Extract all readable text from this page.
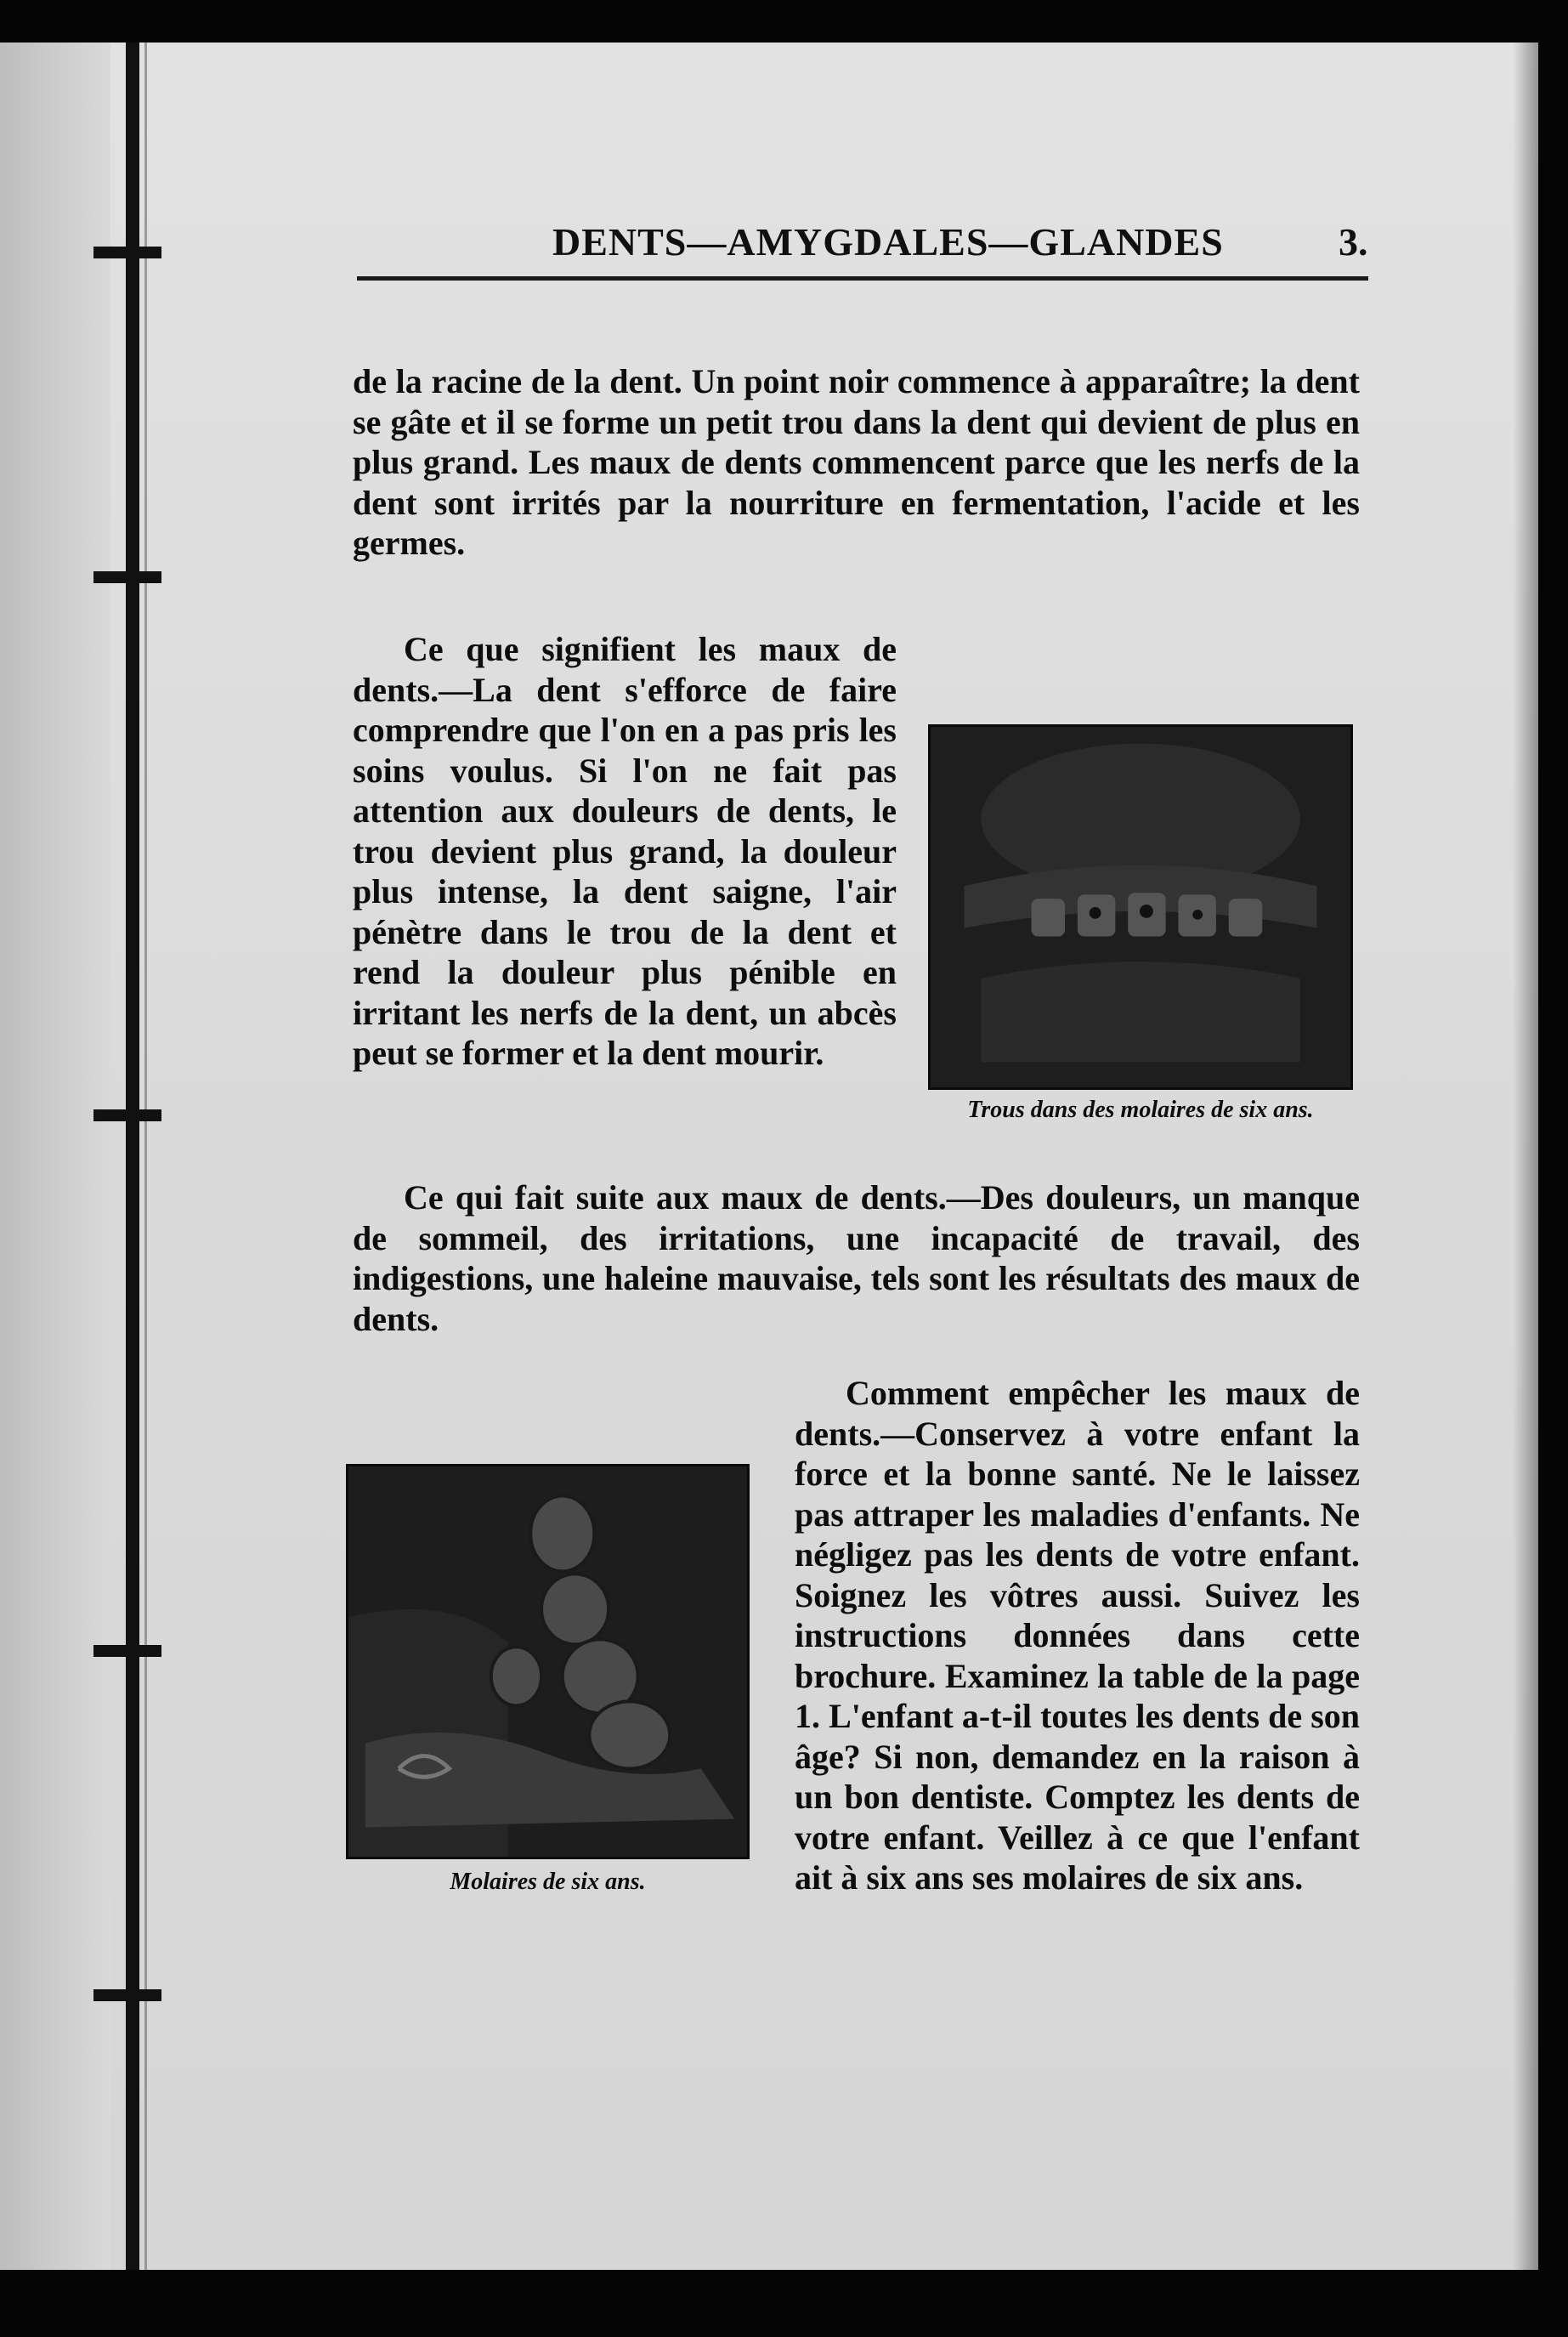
DENTS—AMYGDALES—GLANDES	3.

de la racine de la dent. Un point noir commence à apparaître; la dent se gâte et il se forme un petit trou dans la dent qui devient de plus en plus grand. Les maux de dents commencent parce que les nerfs de la dent sont irrités par la nourriture en fermentation, l'acide et les germes.

Ce que signifient les maux de dents.—La dent s'efforce de faire comprendre que l'on en a pas pris les soins voulus. Si l'on ne fait pas attention aux douleurs de dents, le trou devient plus grand, la douleur plus intense, la dent saigne, l'air pénètre dans le trou de la dent et rend la douleur plus pénible en irritant les nerfs de la dent, un abcès peut se former et la dent mourir.

Trous dans des molaires de six ans.

Ce qui fait suite aux maux de dents.—Des douleurs, un manque de sommeil, des irritations, une incapacité de travail, des indigestions, une haleine mauvaise, tels sont les résultats des maux de dents.

Molaires de six ans.

Comment empêcher les maux de dents.—Conservez à votre enfant la force et la bonne santé. Ne le laissez pas attraper les maladies d'enfants. Ne négligez pas les dents de votre enfant. Soignez les vôtres aussi. Suivez les instructions données dans cette brochure. Examinez la table de la page 1. L'enfant a-t-il toutes les dents de son âge? Si non, demandez en la raison à un bon dentiste. Comptez les dents de votre enfant. Veillez à ce que l'enfant ait à six ans ses molaires de six ans.
